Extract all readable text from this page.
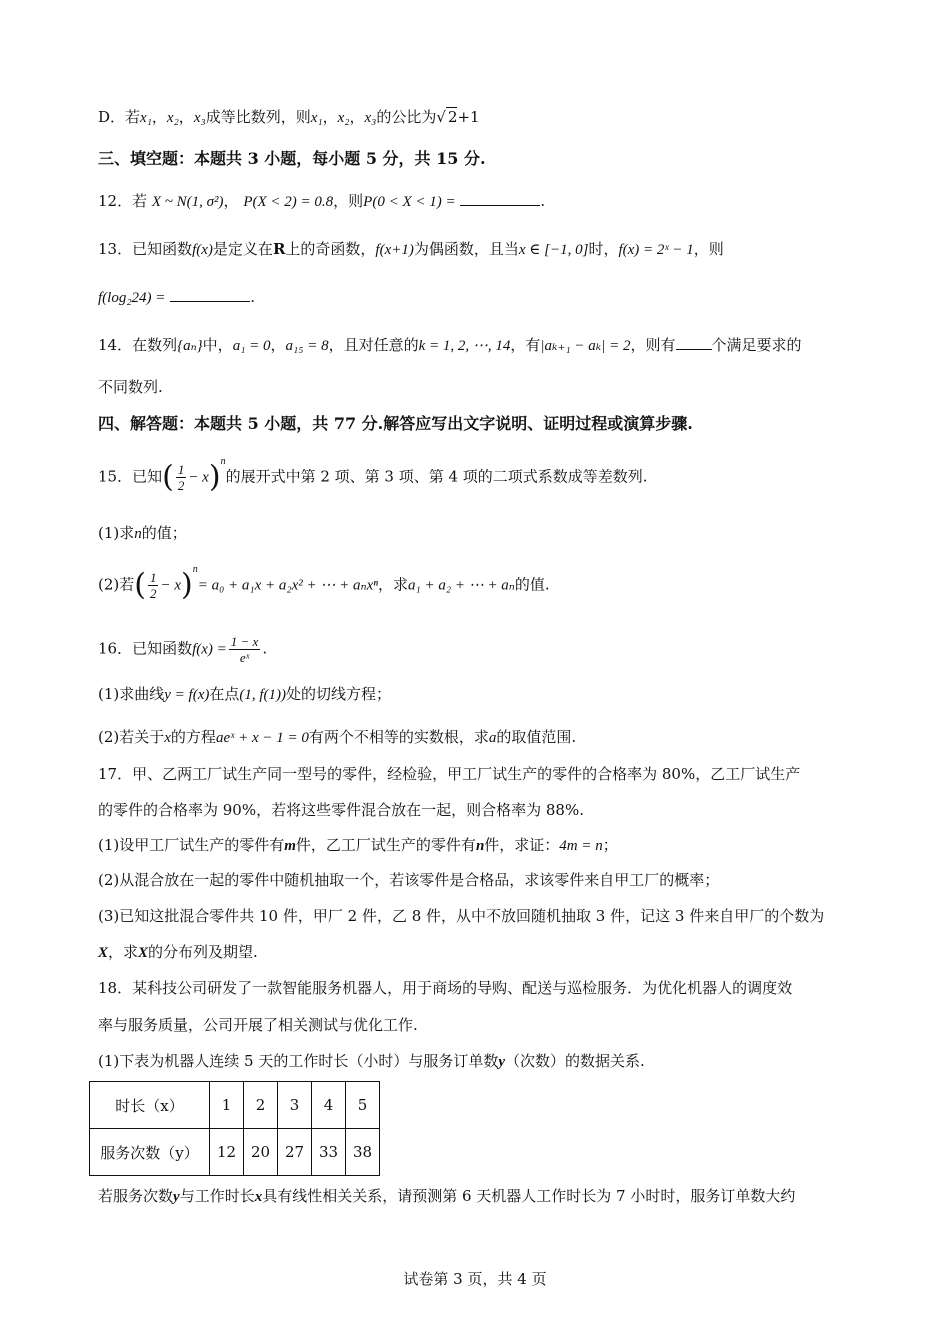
D．若x₁，x₂，x₃成等比数列，则x₁，x₂，x₃的公比为√ 2+1
三、填空题：本题共 3 小题，每小题 5 分，共 15 分.
12．若 X ~ N(1, σ²)， P(X < 2) = 0.8，则P(0 < X < 1) =	.
13．已知函数f(x)是定义在R上的奇函数，f(x+1)为偶函数，且当x ∈ [−1, 0]时，f(x) = 2ˣ − 1，则
f(log₂24) =	.
14．在数列{aₙ}中，a₁ = 0，a₁₅ = 8，且对任意的k = 1, 2, ⋯, 14，有|aₖ₊₁ − aₖ| = 2，则有 个满足要求的
不同数列.
四、解答题：本题共 5 小题，共 77 分.解答应写出文字说明、证明过程或演算步骤.
15．已知( $\frac{1}{2} - x)^n$的展开式中第 2 项、第 3 项、第 4 项的二项式系数成等差数列.
(1)求n的值；
(2)若( $\frac{1}{2} - x)^n= a_0 + a_1x + a_2x^2$ + ⋯ + aₙxⁿ，求a₁ + a₂ + ⋯ + aₙ的值.
16．已知函数$f(x) = \frac{1 - x}{\text{eˣ}}$ .
(1)求曲线y = f(x)在点(1, f(1))处的切线方程；
(2)若关于x的方程aeˣ + x − 1 = 0有两个不相等的实数根，求a的取值范围.
17．甲、乙两工厂试生产同一型号的零件，经检验，甲工厂试生产的零件的合格率为 80%，乙工厂试生产
的零件的合格率为 90%，若将这些零件混合放在一起，则合格率为 88%.
(1)设甲工厂试生产的零件有m件，乙工厂试生产的零件有n件，求证：4m = n；
(2)从混合放在一起的零件中随机抽取一个，若该零件是合格品，求该零件来自甲工厂的概率；
(3)已知这批混合零件共 10 件，甲厂 2 件，乙 8 件，从中不放回随机抽取 3 件，记这 3 件来自甲厂的个数为
X，求X的分布列及期望.
18．某科技公司研发了一款智能服务机器人，用于商场的导购、配送与巡检服务．为优化机器人的调度效
率与服务质量，公司开展了相关测试与优化工作.
(1)下表为机器人连续 5 天的工作时长（小时）与服务订单数y（次数）的数据关系.
时长（x）	1	2	3	4	5
服务次数（y）	12	20	27	33	38
若服务次数y与工作时长x具有线性相关关系，请预测第 6 天机器人工作时长为 7 小时时，服务订单数大约
试卷第 3 页，共 4 页
